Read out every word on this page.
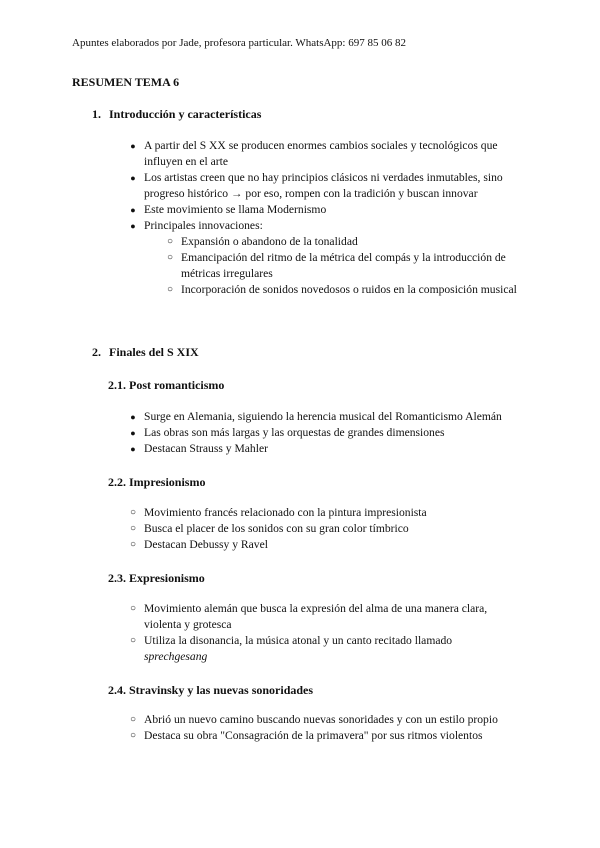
Apuntes elaborados por Jade, profesora particular. WhatsApp: 697 85 06 82
RESUMEN TEMA 6
1. Introducción y características
● A partir del S XX se producen enormes cambios sociales y tecnológicos que influyen en el arte
● Los artistas creen que no hay principios clásicos ni verdades inmutables, sino progreso histórico → por eso, rompen con la tradición y buscan innovar
● Este movimiento se llama Modernismo
● Principales innovaciones:
○ Expansión o abandono de la tonalidad
○ Emancipación del ritmo de la métrica del compás y la introducción de métricas irregulares
○ Incorporación de sonidos novedosos o ruidos en la composición musical
2. Finales del S XIX
2.1. Post romanticismo
● Surge en Alemania, siguiendo la herencia musical del Romanticismo Alemán
● Las obras son más largas y las orquestas de grandes dimensiones
● Destacan Strauss y Mahler
2.2. Impresionismo
○ Movimiento francés relacionado con la pintura impresionista
○ Busca el placer de los sonidos con su gran color tímbrico
○ Destacan Debussy y Ravel
2.3. Expresionismo
○ Movimiento alemán que busca la expresión del alma de una manera clara, violenta y grotesca
○ Utiliza la disonancia, la música atonal y un canto recitado llamado
sprechgesang
2.4. Stravinsky y las nuevas sonoridades
○ Abrió un nuevo camino buscando nuevas sonoridades y con un estilo propio
○ Destaca su obra "Consagración de la primavera" por sus ritmos violentos
